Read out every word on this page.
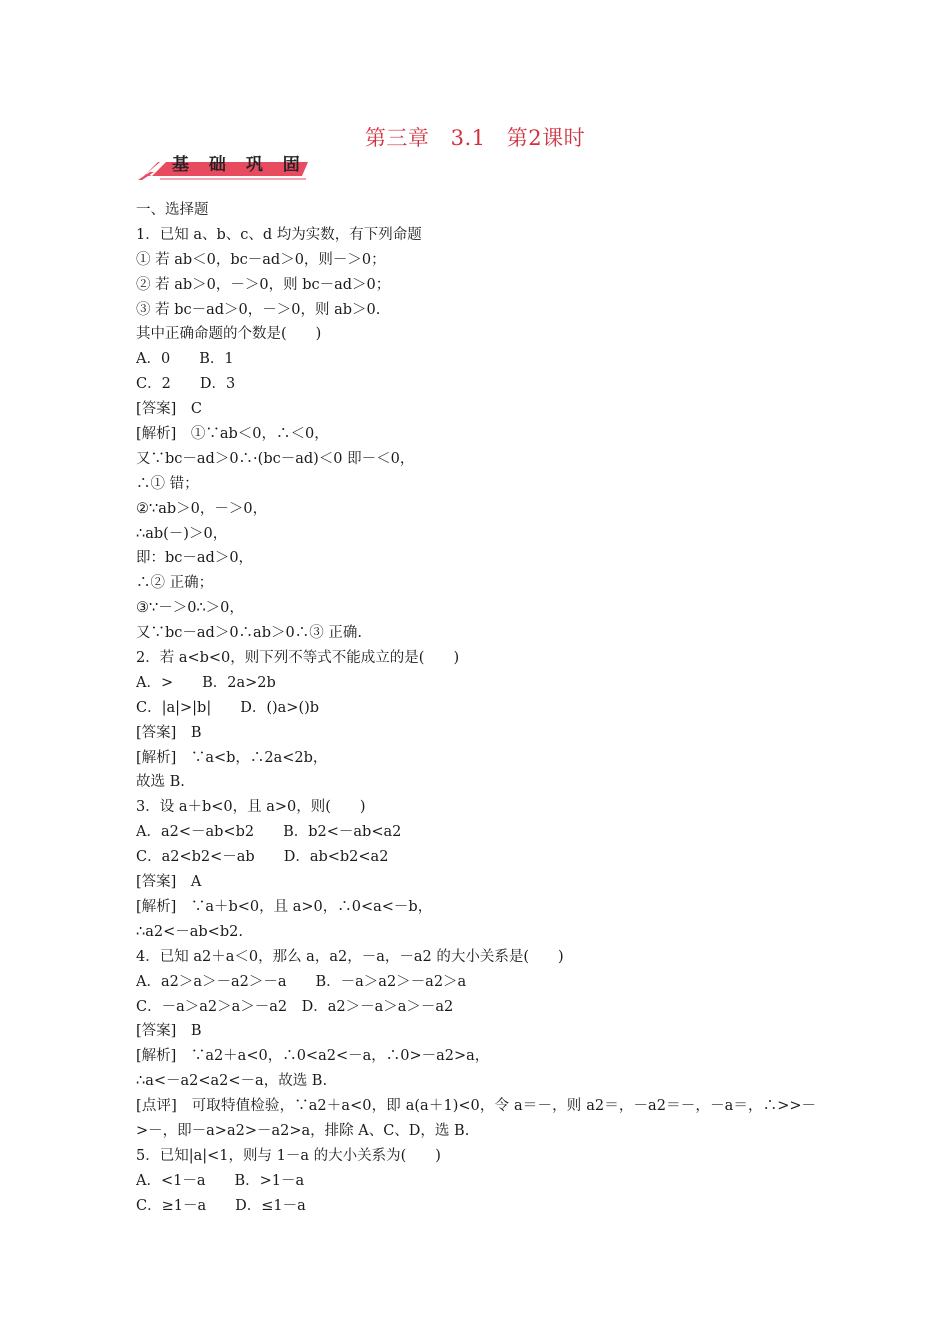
第三章 3.1 第2课时
基 础 巩 固
一、选择题
1．已知 a、b、c、d 均为实数，有下列命题
① 若 ab＜0，bc－ad＞0，则－＞0；
② 若 ab＞0，－＞0，则 bc－ad＞0；
③ 若 bc－ad＞0，－＞0，则 ab＞0.
其中正确命题的个数是(　　)
A．0　　B．1
C．2　　D．3
[答案]　C
[解析]　①∵ab＜0，∴＜0，
又∵bc－ad＞0∴·(bc－ad)＜0 即－＜0，
∴① 错；
②∵ab＞0，－＞0，
∴ab(－)＞0，
即：bc－ad＞0，
∴② 正确；
③∵－＞0∴＞0，
又∵bc－ad＞0∴ab＞0∴③ 正确.
2．若 a<b<0，则下列不等式不能成立的是(　　)
A．>　　B．2a>2b
C．|a|>|b|　　D．()a>()b
[答案]　B
[解析]　∵a<b，∴2a<2b，
故选 B.
3．设 a＋b<0，且 a>0，则(　　)
A．a2<－ab<b2　　B．b2<－ab<a2
C．a2<b2<－ab　　D．ab<b2<a2
[答案]　A
[解析]　∵a＋b<0，且 a>0，∴0<a<－b，
∴a2<－ab<b2.
4．已知 a2＋a＜0，那么 a，a2，－a，－a2 的大小关系是(　　)
A．a2＞a＞－a2＞－a　　B．－a＞a2＞－a2＞a
C．－a＞a2＞a＞－a2　D．a2＞－a＞a＞－a2
[答案]　B
[解析]　∵a2＋a<0，∴0<a2<－a，∴0>－a2>a，
∴a<－a2<a2<－a，故选 B.
[点评]　可取特值检验，∵a2＋a<0，即 a(a＋1)<0，令 a＝－，则 a2＝，－a2＝－，－a＝，∴>>－>－，即－a>a2>－a2>a，排除 A、C、D，选 B.
5．已知|a|<1，则与 1－a 的大小关系为(　　)
A．<1－a　　B．>1－a
C．≥1－a　　D．≤1－a
